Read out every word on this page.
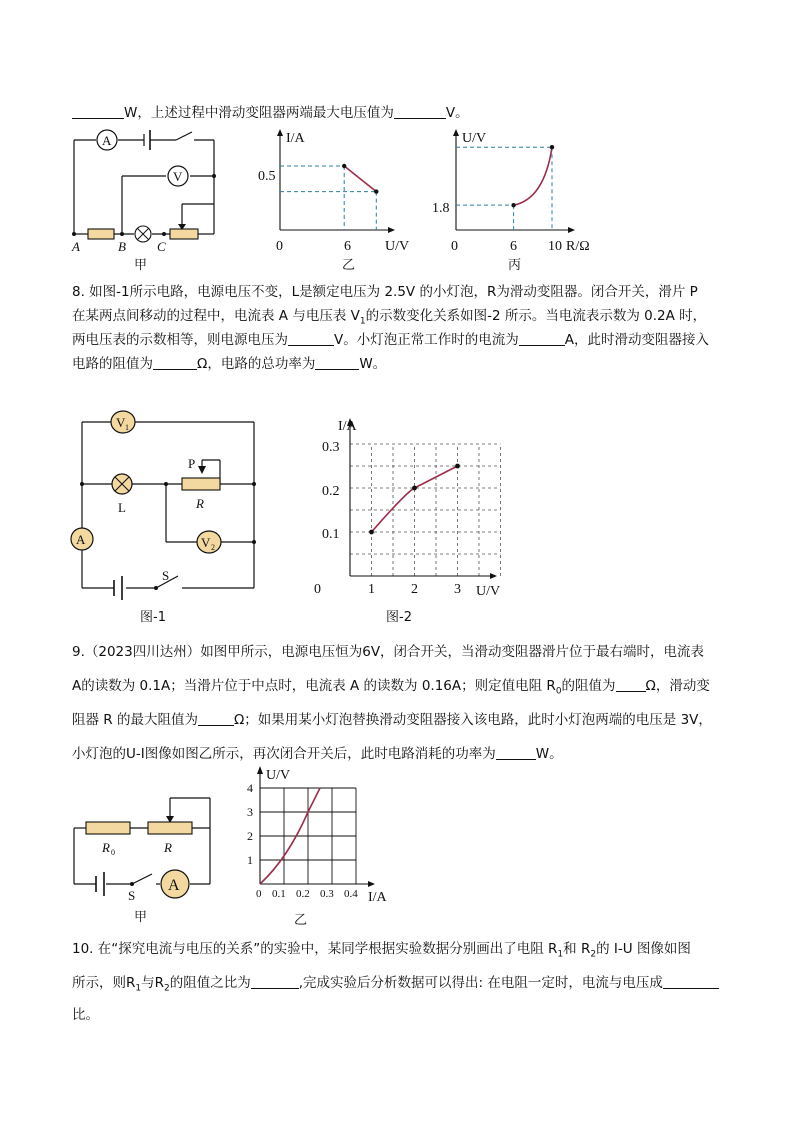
W，上述过程中滑动变阻器两端最大电压值为	V。
A
V
A	B C
甲
I/A
U/V
0	6
0.5
乙
U/V
R/Ω
0	6 10
1.8
丙
8. 如图-1所示电路，电源电压不变，L是额定电压为 2.5V 的小灯泡，R为滑动变阻器。闭合开关，滑片 P
在某两点间移动的过程中，电流表 A 与电压表 $V_1$的示数变化关系如图-2 所示。当电流表示数为 0.2A 时，
两电压表的示数相等，则电源电压为	V。小灯泡正常工作时的电流为	A，此时滑动变阻器接入
电路的阻值为	Ω，电路的总功率为	W。
V 1
L	R
P
V 2
A
S
图-1
I/A
U/V
0	1	2	3
0.1
0.2
0.3
图-2
9.（2023四川达州）如图甲所示，电源电压恒为6V，闭合开关，当滑动变阻器滑片位于最右端时，电流表
A的读数为 0.1A；当滑片位于中点时，电流表 A 的读数为 0.16A；则定值电阻 $R_0$的阻值为 Ω，滑动变
阻器 R 的最大阻值为	Ω；如果用某小灯泡替换滑动变阻器接入该电路，此时小灯泡两端的电压是 3V，
小灯泡的U-I图像如图乙所示，再次闭合开关后，此时电路消耗的功率为	W。
R 0	R
S
A
甲
U/V
I/A
0 0.1 0.2 0.3 0.4
1
2
3
4
乙
10. 在“探究电流与电压的关系”的实验中，某同学根据实验数据分别画出了电阻 $R_1$和 $R_2$的 I-U 图像如图
所示，则$R_1$与$R_2$的阻值之比为	,完成实验后分析数据可以得出: 在电阻一定时，电流与电压成
比。
